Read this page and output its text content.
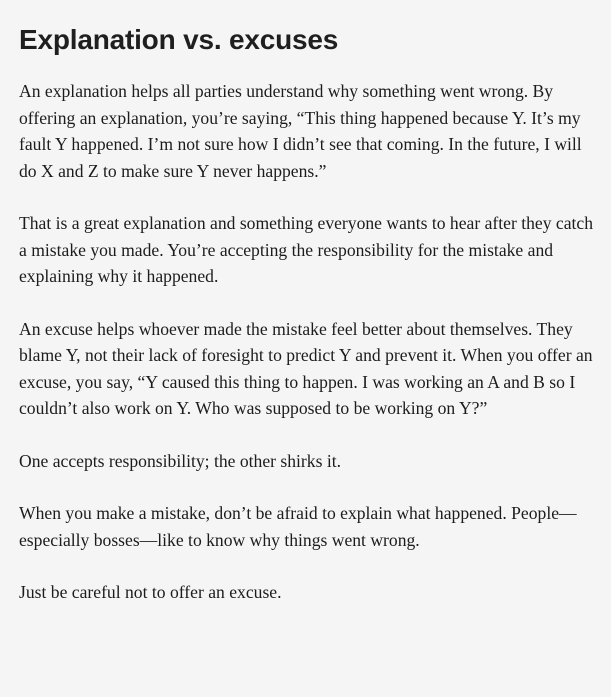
Explanation vs. excuses

An explanation helps all parties understand why something went wrong. By offering an explanation, you’re saying, “This thing happened because Y. It’s my fault Y happened. I’m not sure how I didn’t see that coming. In the future, I will do X and Z to make sure Y never happens.”

That is a great explanation and something everyone wants to hear after they catch a mistake you made. You’re accepting the responsibility for the mistake and explaining why it happened.

An excuse helps whoever made the mistake feel better about themselves. They blame Y, not their lack of foresight to predict Y and prevent it. When you offer an excuse, you say, “Y caused this thing to happen. I was working an A and B so I couldn’t also work on Y. Who was supposed to be working on Y?”

One accepts responsibility; the other shirks it.

When you make a mistake, don’t be afraid to explain what happened. People—especially bosses—like to know why things went wrong.

Just be careful not to offer an excuse.
